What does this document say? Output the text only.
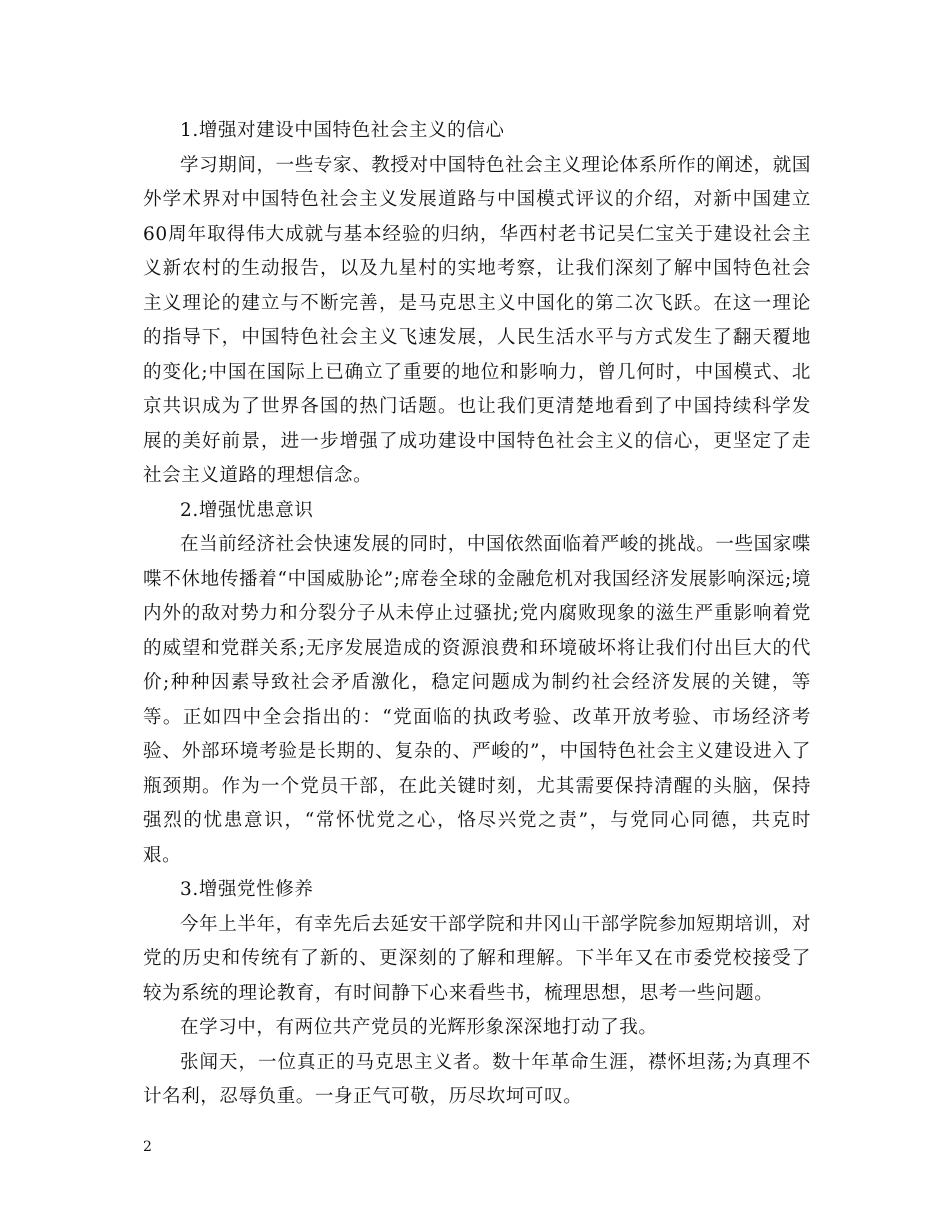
1.增强对建设中国特色社会主义的信心

学习期间，一些专家、教授对中国特色社会主义理论体系所作的阐述，就国外学术界对中国特色社会主义发展道路与中国模式评议的介绍，对新中国建立60周年取得伟大成就与基本经验的归纳，华西村老书记吴仁宝关于建设社会主义新农村的生动报告，以及九星村的实地考察，让我们深刻了解中国特色社会主义理论的建立与不断完善，是马克思主义中国化的第二次飞跃。在这一理论的指导下，中国特色社会主义飞速发展，人民生活水平与方式发生了翻天覆地的变化;中国在国际上已确立了重要的地位和影响力，曾几何时，中国模式、北京共识成为了世界各国的热门话题。也让我们更清楚地看到了中国持续科学发展的美好前景，进一步增强了成功建设中国特色社会主义的信心，更坚定了走社会主义道路的理想信念。

2.增强忧患意识

在当前经济社会快速发展的同时，中国依然面临着严峻的挑战。一些国家喋喋不休地传播着“中国威胁论”;席卷全球的金融危机对我国经济发展影响深远;境内外的敌对势力和分裂分子从未停止过骚扰;党内腐败现象的滋生严重影响着党的威望和党群关系;无序发展造成的资源浪费和环境破坏将让我们付出巨大的代价;种种因素导致社会矛盾激化，稳定问题成为制约社会经济发展的关键，等等。正如四中全会指出的：“党面临的执政考验、改革开放考验、市场经济考验、外部环境考验是长期的、复杂的、严峻的”，中国特色社会主义建设进入了瓶颈期。作为一个党员干部，在此关键时刻，尤其需要保持清醒的头脑，保持强烈的忧患意识，“常怀忧党之心，恪尽兴党之责”，与党同心同德，共克时艰。

3.增强党性修养

今年上半年，有幸先后去延安干部学院和井冈山干部学院参加短期培训，对党的历史和传统有了新的、更深刻的了解和理解。下半年又在市委党校接受了较为系统的理论教育，有时间静下心来看些书，梳理思想，思考一些问题。

在学习中，有两位共产党员的光辉形象深深地打动了我。

张闻天，一位真正的马克思主义者。数十年革命生涯，襟怀坦荡;为真理不计名利，忍辱负重。一身正气可敬，历尽坎坷可叹。

2
